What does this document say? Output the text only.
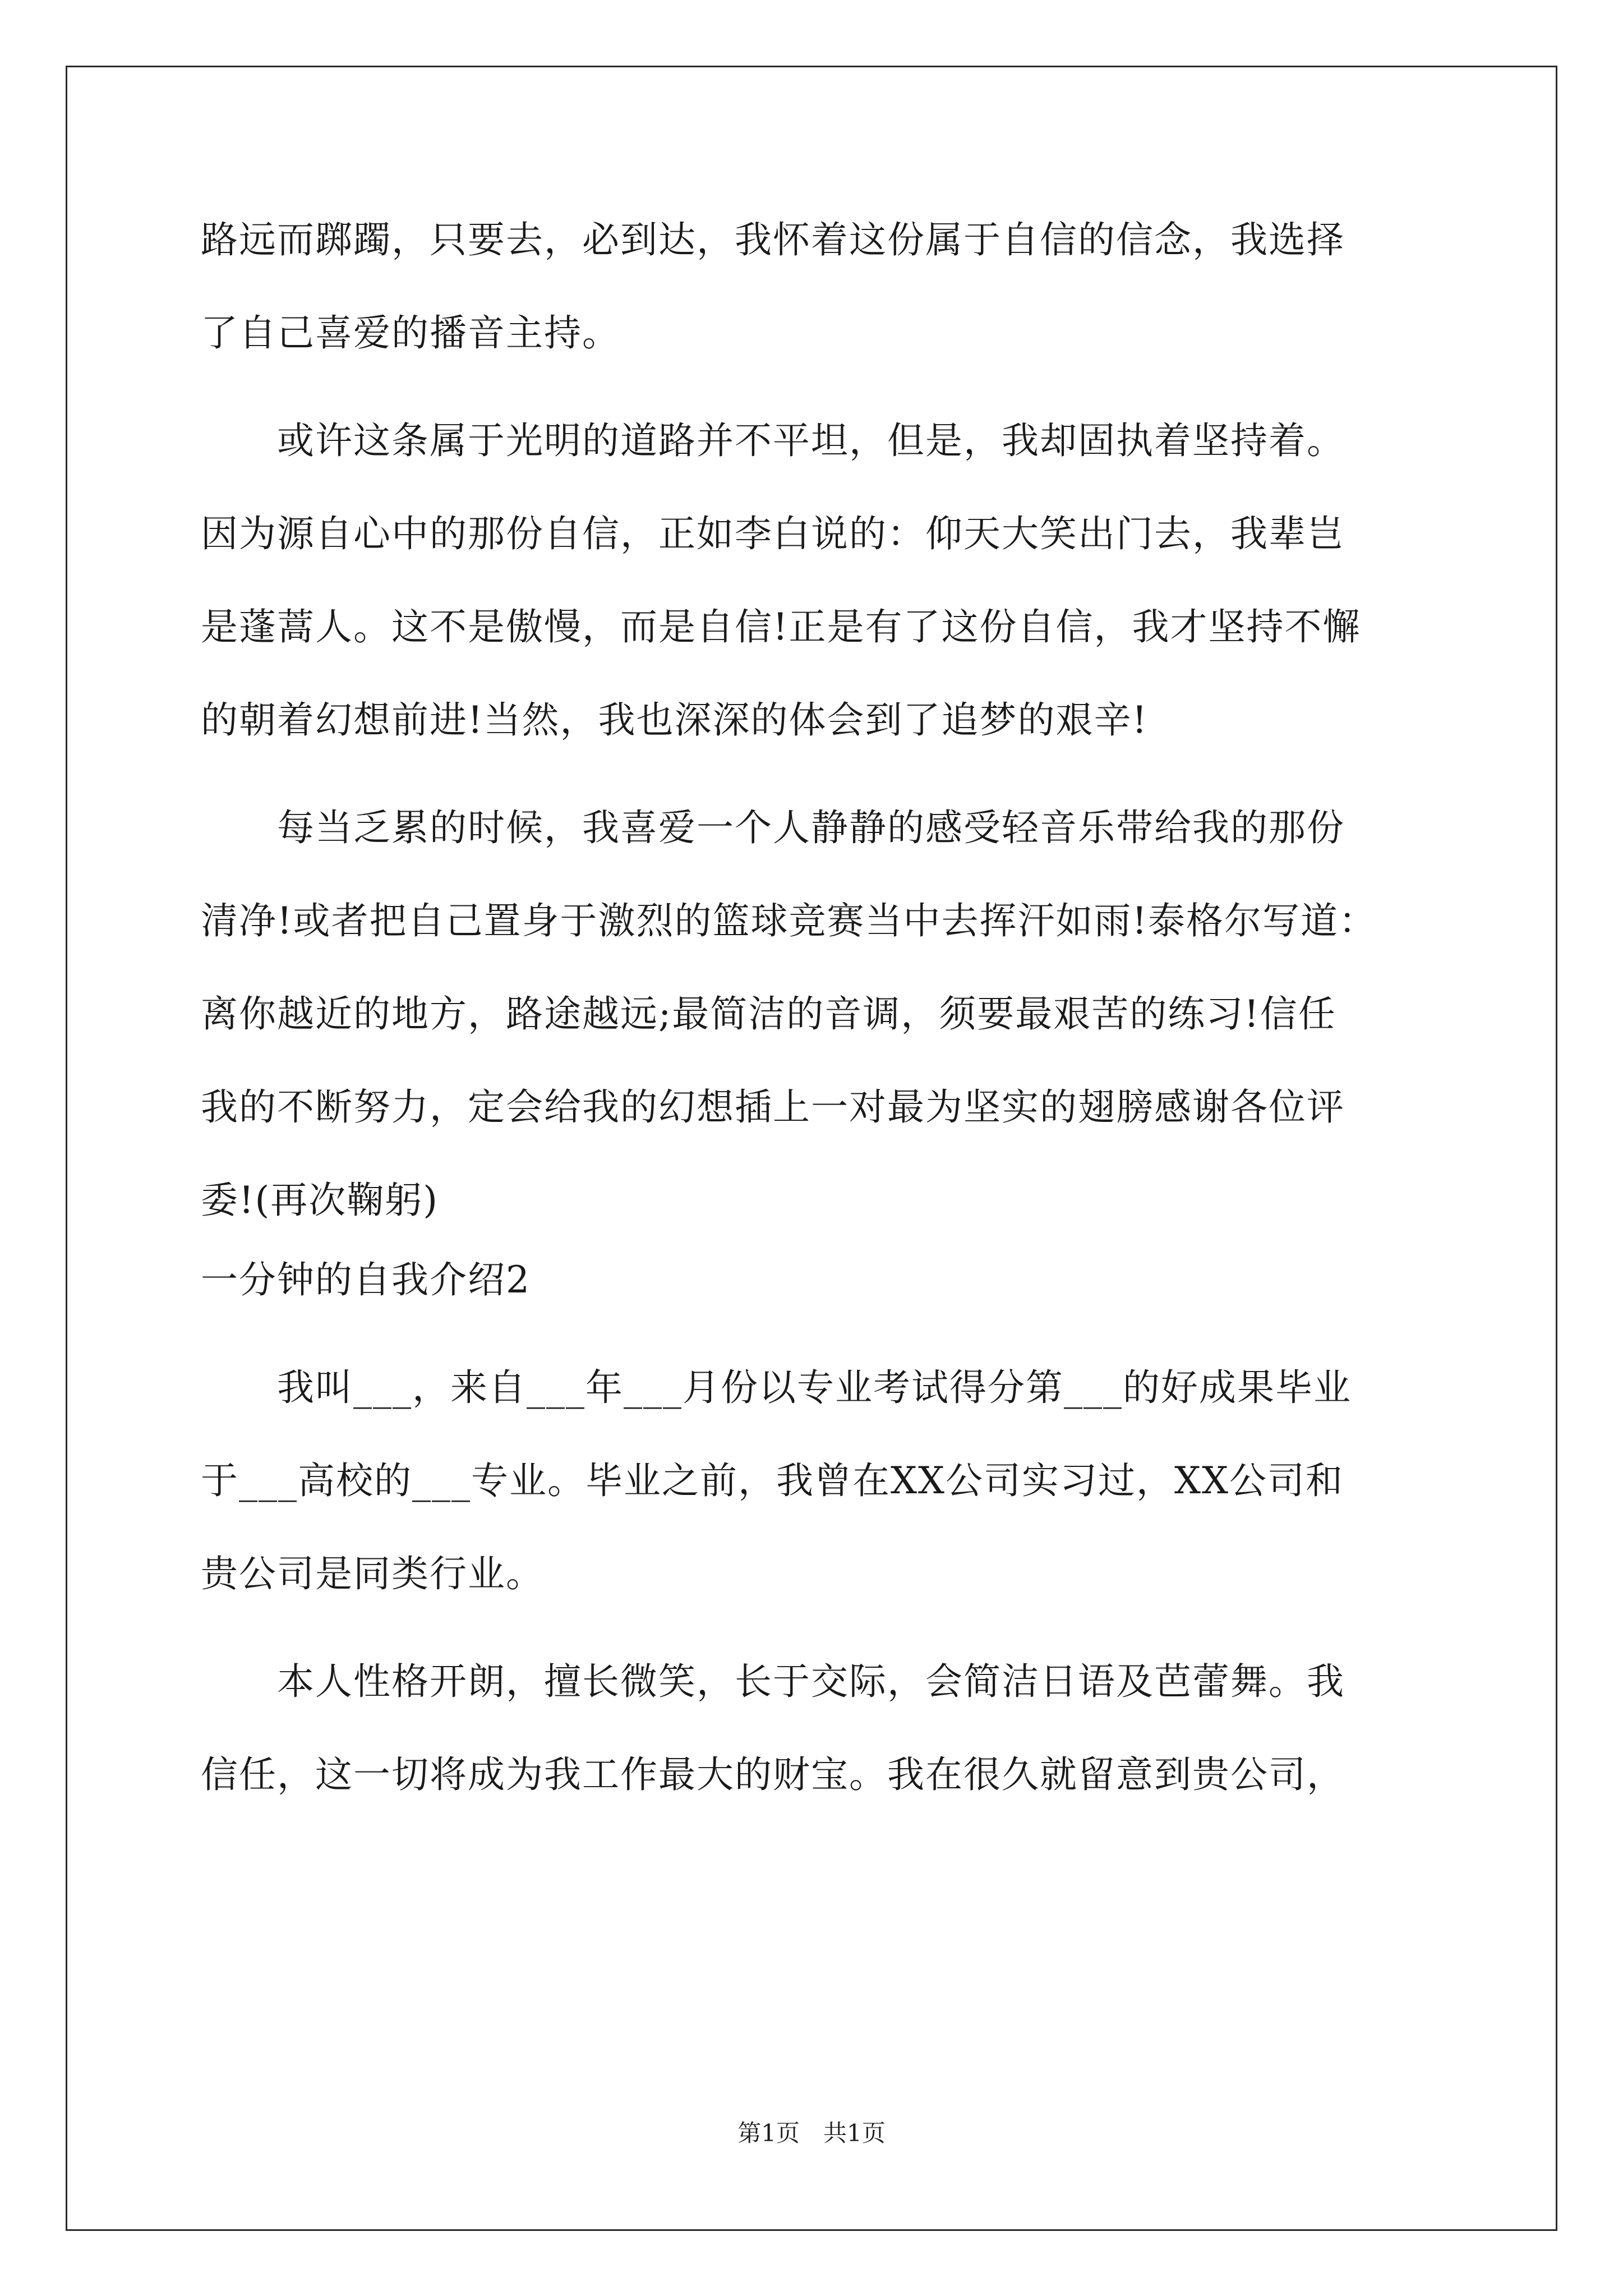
路远而踯躅，只要去，必到达，我怀着这份属于自信的信念，我选择
了自己喜爱的播音主持。
　　或许这条属于光明的道路并不平坦，但是，我却固执着坚持着。
因为源自心中的那份自信，正如李白说的：仰天大笑出门去，我辈岂
是蓬蒿人。这不是傲慢，而是自信!正是有了这份自信，我才坚持不懈
的朝着幻想前进!当然，我也深深的体会到了追梦的艰辛!
　　每当乏累的时候，我喜爱一个人静静的感受轻音乐带给我的那份
清净!或者把自己置身于激烈的篮球竞赛当中去挥汗如雨!泰格尔写道：
离你越近的地方，路途越远;最简洁的音调，须要最艰苦的练习!信任
我的不断努力，定会给我的幻想插上一对最为坚实的翅膀感谢各位评
委!(再次鞠躬)
一分钟的自我介绍2
　　我叫___，来自___年___月份以专业考试得分第___的好成果毕业
于___高校的___专业。毕业之前，我曾在XX公司实习过，XX公司和
贵公司是同类行业。
　　本人性格开朗，擅长微笑，长于交际，会简洁日语及芭蕾舞。我
信任，这一切将成为我工作最大的财宝。我在很久就留意到贵公司，
第1页　共1页
